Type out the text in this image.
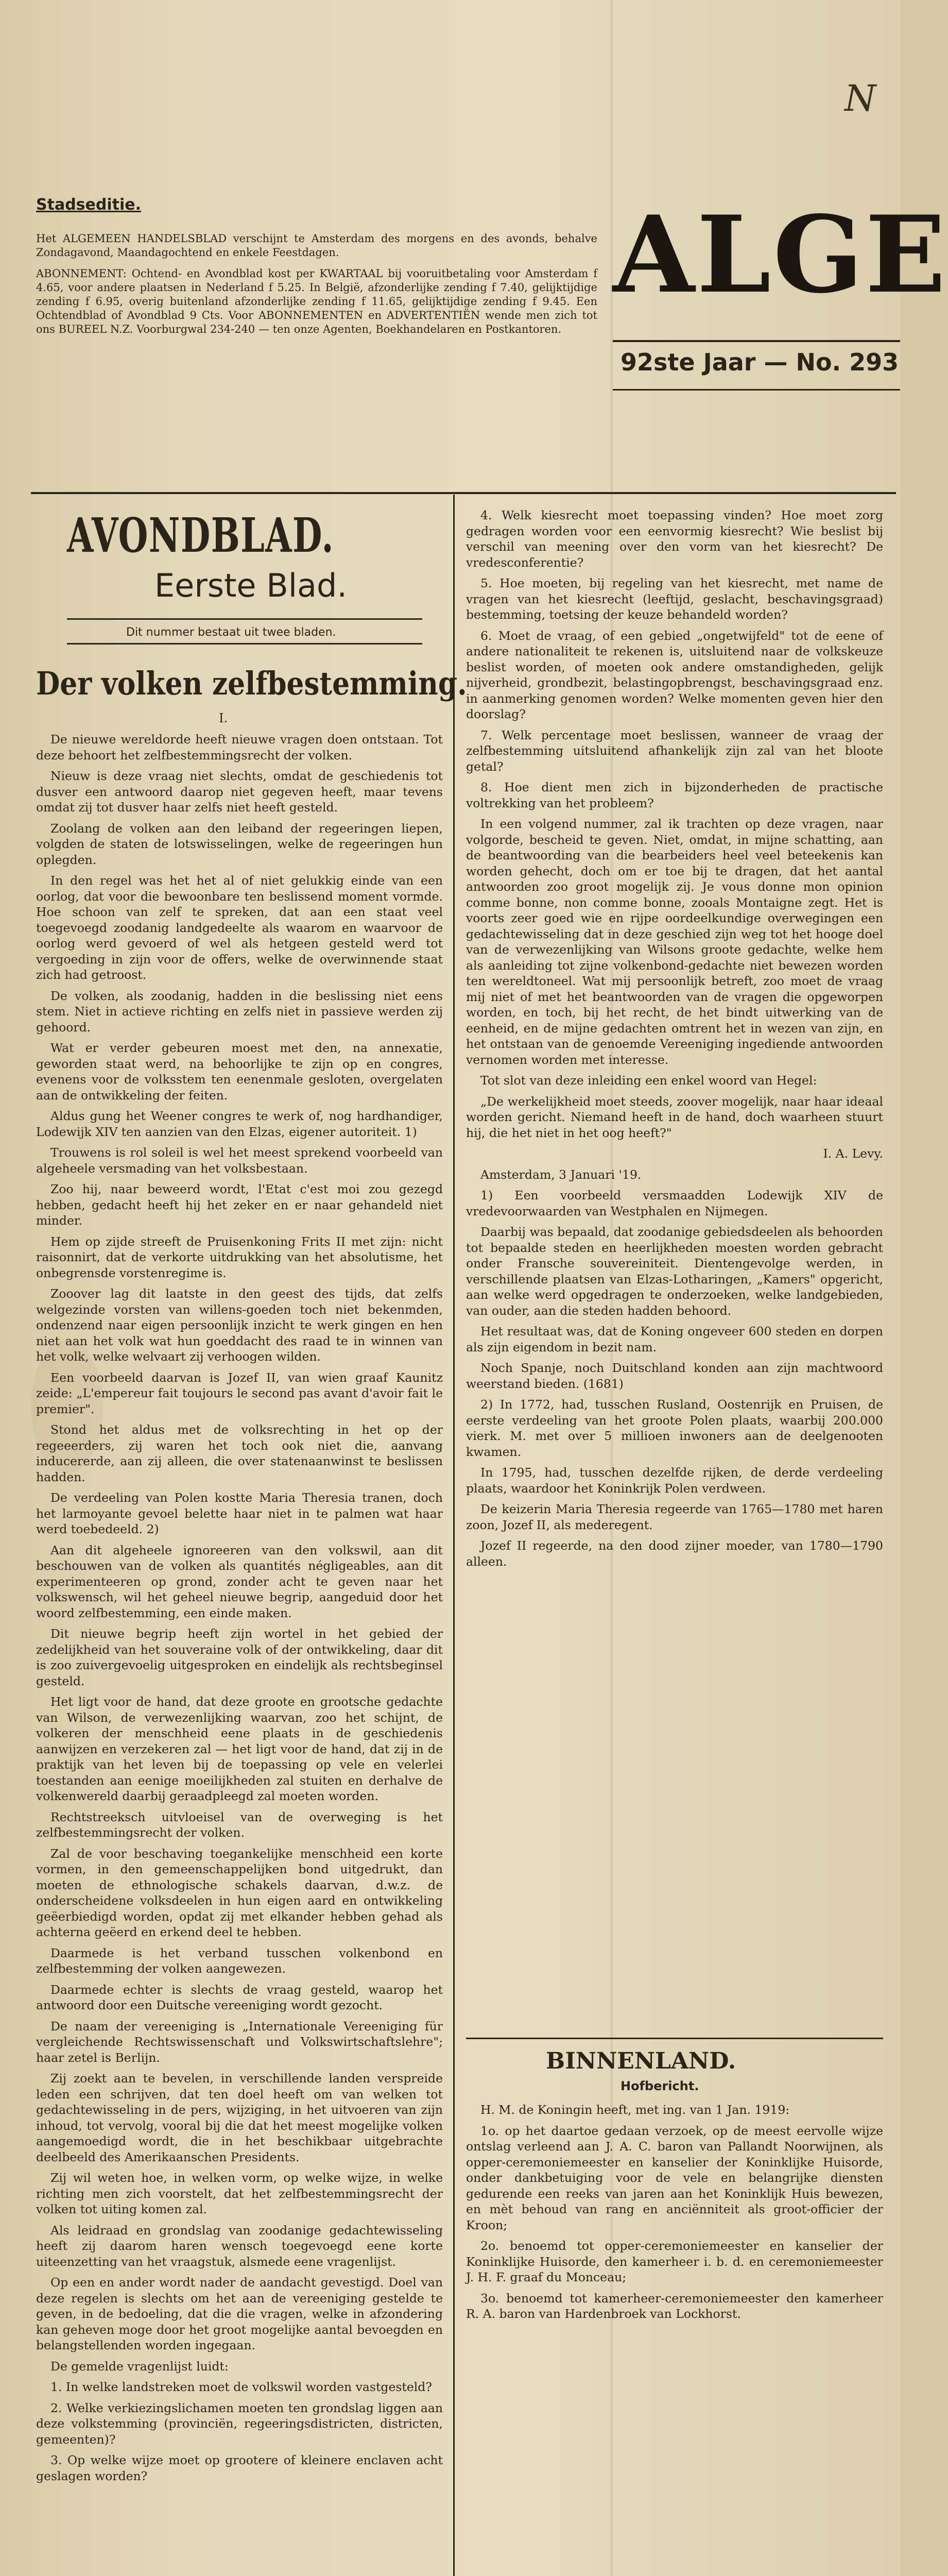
N
ALGE
92ste Jaar — No. 293
Stadseditie.

Het ALGEMEEN HANDELSBLAD verschijnt te Amsterdam des morgens en des avonds, behalve Zondagavond, Maandagochtend en enkele Feestdagen.

ABONNEMENT: Ochtend- en Avondblad kost per KWARTAAL bij vooruitbetaling voor Amsterdam f 4.65, voor andere plaatsen in Nederland f 5.25. In België, afzonderlijke zending f 7.40, gelijktijdige zending f 6.95, overig buitenland afzonderlijke zending f 11.65, gelijktijdige zending f 9.45. Een Ochtendblad of Avondblad 9 Cts. Voor ABONNEMENTEN en ADVERTENTIËN wende men zich tot ons BUREEL N.Z. Voorburgwal 234-240 — ten onze Agenten, Boekhandelaren en Postkantoren.

AVONDBLAD.
Eerste Blad.
Dit nummer bestaat uit twee bladen.
Der volken zelfbestemming.
I.

De nieuwe wereldorde heeft nieuwe vragen doen ontstaan. Tot deze behoort het zelfbestemmingsrecht der volken.

Nieuw is deze vraag niet slechts, omdat de geschiedenis tot dusver een antwoord daarop niet gegeven heeft, maar tevens omdat zij tot dusver haar zelfs niet heeft gesteld.

Zoolang de volken aan den leiband der regeeringen liepen, volgden de staten de lotswisselingen, welke de regeeringen hun oplegden.

In den regel was het het al of niet gelukkig einde van een oorlog, dat voor die bewoonbare ten beslissend moment vormde. Hoe schoon van zelf te spreken, dat aan een staat veel toegevoegd zoodanig landgedeelte als waarom en waarvoor de oorlog werd gevoerd of wel als hetgeen gesteld werd tot vergoeding in zijn voor de offers, welke de overwinnende staat zich had getroost.

De volken, als zoodanig, hadden in die beslissing niet eens stem. Niet in actieve richting en zelfs niet in passieve werden zij gehoord.

Wat er verder gebeuren moest met den, na annexatie, geworden staat werd, na behoorlijke te zijn op en congres, evenens voor de volksstem ten eenenmale gesloten, overgelaten aan de ontwikkeling der feiten.

Aldus gung het Weener congres te werk of, nog hardhandiger, Lodewijk XIV ten aanzien van den Elzas, eigener autoriteit. 1)

Trouwens is rol soleil is wel het meest sprekend voorbeeld van algeheele versmading van het volksbestaan.

Zoo hij, naar beweerd wordt, l'Etat c'est moi zou gezegd hebben, gedacht heeft hij het zeker en er naar gehandeld niet minder.

Hem op zijde streeft de Pruisenkoning Frits II met zijn: nicht raisonnirt, dat de verkorte uitdrukking van het absolutisme, het onbegrensde vorstenregime is.

Zooover lag dit laatste in den geest des tijds, dat zelfs welgezinde vorsten van willens-goeden toch niet bekenmden, ondenzend naar eigen persoonlijk inzicht te werk gingen en hen niet aan het volk wat hun goeddacht des raad te in winnen van het volk, welke welvaart zij verhoogen wilden.

Een voorbeeld daarvan is Jozef II, van wien graaf Kaunitz zeide: „L'empereur fait toujours le second pas avant d'avoir fait le premier".

Stond het aldus met de volksrechting in het op der regeeerders, zij waren het toch ook niet die, aanvang inducererde, aan zij alleen, die over statenaanwinst te beslissen hadden.

De verdeeling van Polen kostte Maria Theresia tranen, doch het larmoyante gevoel belette haar niet in te palmen wat haar werd toebedeeld. 2)

Aan dit algeheele ignoreeren van den volkswil, aan dit beschouwen van de volken als quantités négligeables, aan dit experimenteeren op grond, zonder acht te geven naar het volkswensch, wil het geheel nieuwe begrip, aangeduid door het woord zelfbestemming, een einde maken.

Dit nieuwe begrip heeft zijn wortel in het gebied der zedelijkheid van het souveraine volk of der ontwikkeling, daar dit is zoo zuivergevoelig uitgesproken en eindelijk als rechtsbeginsel gesteld.

Het ligt voor de hand, dat deze groote en grootsche gedachte van Wilson, de verwezenlijking waarvan, zoo het schijnt, de volkeren der menschheid eene plaats in de geschiedenis aanwijzen en verzekeren zal — het ligt voor de hand, dat zij in de praktijk van het leven bij de toepassing op vele en velerlei toestanden aan eenige moeilijkheden zal stuiten en derhalve de volkenwereld daarbij geraadpleegd zal moeten worden.

Rechtstreeksch uitvloeisel van de overweging is het zelfbestemmingsrecht der volken.

Zal de voor beschaving toegankelijke menschheid een korte vormen, in den gemeenschappelijken bond uitgedrukt, dan moeten de ethnologische schakels daarvan, d.w.z. de onderscheidene volksdeelen in hun eigen aard en ontwikkeling geëerbiedigd worden, opdat zij met elkander hebben gehad als achterna geëerd en erkend deel te hebben.

Daarmede is het verband tusschen volkenbond en zelfbestemming der volken aangewezen.

Daarmede echter is slechts de vraag gesteld, waarop het antwoord door een Duitsche vereeniging wordt gezocht.

De naam der vereeniging is „Internationale Vereeniging für vergleichende Rechtswissenschaft und Volkswirtschaftslehre"; haar zetel is Berlijn.

Zij zoekt aan te bevelen, in verschillende landen verspreide leden een schrijven, dat ten doel heeft om van welken tot gedachtewisseling in de pers, wijziging, in het uitvoeren van zijn inhoud, tot vervolg, vooral bij die dat het meest mogelijke volken aangemoedigd wordt, die in het beschikbaar uitgebrachte deelbeeld des Amerikaanschen Presidents.

Zij wil weten hoe, in welken vorm, op welke wijze, in welke richting men zich voorstelt, dat het zelfbestemmingsrecht der volken tot uiting komen zal.

Als leidraad en grondslag van zoodanige gedachtewisseling heeft zij daarom haren wensch toegevoegd eene korte uiteenzetting van het vraagstuk, alsmede eene vragenlijst.

Op een en ander wordt nader de aandacht gevestigd. Doel van deze regelen is slechts om het aan de vereeniging gestelde te geven, in de bedoeling, dat die die vragen, welke in afzondering kan geheven moge door het groot mogelijke aantal bevoegden en belangstellenden worden ingegaan.

De gemelde vragenlijst luidt:

1. In welke landstreken moet de volkswil worden vastgesteld?

2. Welke verkiezingslichamen moeten ten grondslag liggen aan deze volkstemming (provinciën, regeeringsdistricten, districten, gemeenten)?

3. Op welke wijze moet op grootere of kleinere enclaven acht geslagen worden?

4. Welk kiesrecht moet toepassing vinden? Hoe moet zorg gedragen worden voor een eenvormig kiesrecht? Wie beslist bij verschil van meening over den vorm van het kiesrecht? De vredesconferentie?

5. Hoe moeten, bij regeling van het kiesrecht, met name de vragen van het kiesrecht (leeftijd, geslacht, beschavingsgraad) bestemming, toetsing der keuze behandeld worden?

6. Moet de vraag, of een gebied „ongetwijfeld" tot de eene of andere nationaliteit te rekenen is, uitsluitend naar de volkskeuze beslist worden, of moeten ook andere omstandigheden, gelijk nijverheid, grondbezit, belastingopbrengst, beschavingsgraad enz. in aanmerking genomen worden? Welke momenten geven hier den doorslag?

7. Welk percentage moet beslissen, wanneer de vraag der zelfbestemming uitsluitend afhankelijk zijn zal van het bloote getal?

8. Hoe dient men zich in bijzonderheden de practische voltrekking van het probleem?

In een volgend nummer, zal ik trachten op deze vragen, naar volgorde, bescheid te geven. Niet, omdat, in mijne schatting, aan de beantwoording van die bearbeiders heel veel beteekenis kan worden gehecht, doch om er toe bij te dragen, dat het aantal antwoorden zoo groot mogelijk zij. Je vous donne mon opinion comme bonne, non comme bonne, zooals Montaigne zegt. Het is voorts zeer goed wie en rijpe oordeelkundige overwegingen een gedachtewisseling dat in deze geschied zijn weg tot het hooge doel van de verwezenlijking van Wilsons groote gedachte, welke hem als aanleiding tot zijne volkenbond-gedachte niet bewezen worden ten wereldtoneel. Wat mij persoonlijk betreft, zoo moet de vraag mij niet of met het beantwoorden van de vragen die opgeworpen worden, en toch, bij het recht, de het bindt uitwerking van de eenheid, en de mijne gedachten omtrent het in wezen van zijn, en het ontstaan van de genoemde Vereeniging ingediende antwoorden vernomen worden met interesse.

Tot slot van deze inleiding een enkel woord van Hegel:

„De werkelijkheid moet steeds, zoover mogelijk, naar haar ideaal worden gericht. Niemand heeft in de hand, doch waarheen stuurt hij, die het niet in het oog heeft?"

I. A. Levy.

Amsterdam, 3 Januari '19.

1) Een voorbeeld versmaadden Lodewijk XIV de vredevoorwaarden van Westphalen en Nijmegen.

Daarbij was bepaald, dat zoodanige gebiedsdeelen als behoorden tot bepaalde steden en heerlijkheden moesten worden gebracht onder Fransche souvereiniteit. Dientengevolge werden, in verschillende plaatsen van Elzas-Lotharingen, „Kamers" opgericht, aan welke werd opgedragen te onderzoeken, welke landgebieden, van ouder, aan die steden hadden behoord.

Het resultaat was, dat de Koning ongeveer 600 steden en dorpen als zijn eigendom in bezit nam.

Noch Spanje, noch Duitschland konden aan zijn machtwoord weerstand bieden. (1681)

2) In 1772, had, tusschen Rusland, Oostenrijk en Pruisen, de eerste verdeeling van het groote Polen plaats, waarbij 200.000 vierk. M. met over 5 millioen inwoners aan de deelgenooten kwamen.

In 1795, had, tusschen dezelfde rijken, de derde verdeeling plaats, waardoor het Koninkrijk Polen verdween.

De keizerin Maria Theresia regeerde van 1765—1780 met haren zoon, Jozef II, als mederegent.

Jozef II regeerde, na den dood zijner moeder, van 1780—1790 alleen.

BINNENLAND.
Hofbericht.

H. M. de Koningin heeft, met ing. van 1 Jan. 1919:

1o. op het daartoe gedaan verzoek, op de meest eervolle wijze ontslag verleend aan J. A. C. baron van Pallandt Noorwijnen, als opper-ceremoniemeester en kanselier der Koninklijke Huisorde, onder dankbetuiging voor de vele en belangrijke diensten gedurende een reeks van jaren aan het Koninklijk Huis bewezen, en mèt behoud van rang en anciënniteit als groot-officier der Kroon;

2o. benoemd tot opper-ceremoniemeester en kanselier der Koninklijke Huisorde, den kamerheer i. b. d. en ceremoniemeester J. H. F. graaf du Monceau;

3o. benoemd tot kamerheer-ceremoniemeester den kamerheer R. A. baron van Hardenbroek van Lockhorst.
